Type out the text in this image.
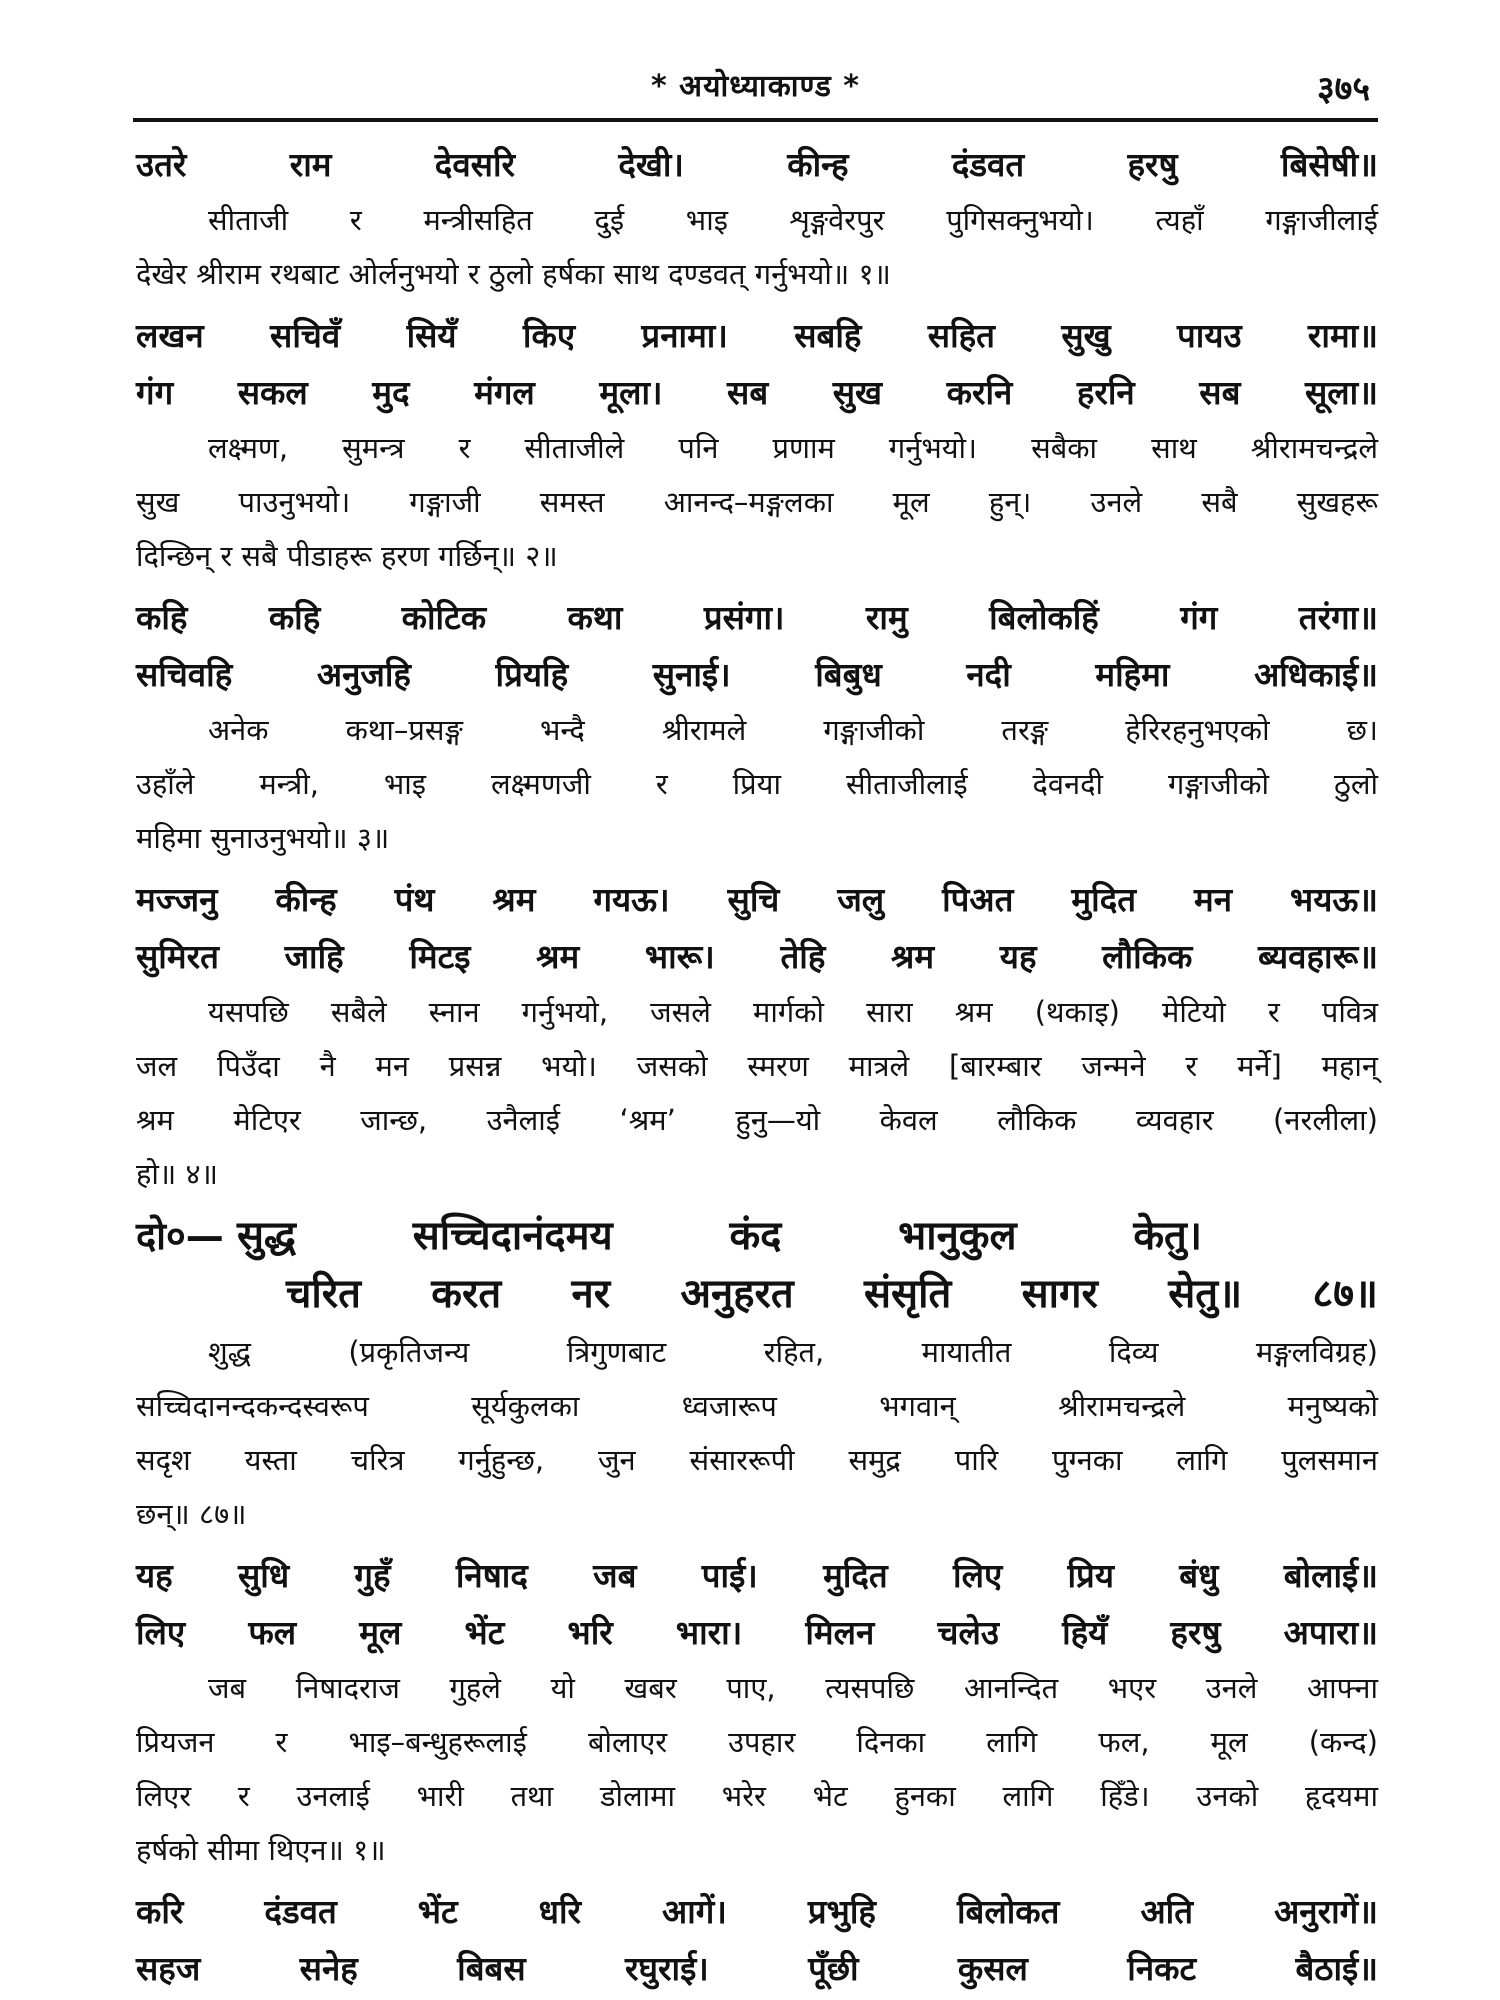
* अयोध्याकाण्ड *	३७५
उतरे राम देवसरि देखी। कीन्ह दंडवत हरषु बिसेषी॥
सीताजी र मन्त्रीसहित दुई भाइ शृङ्गवेरपुर पुगिसक्नुभयो। त्यहाँ गङ्गाजीलाई
देखेर श्रीराम रथबाट ओर्लनुभयो र ठुलो हर्षका साथ दण्डवत् गर्नुभयो॥ १॥
लखन सचिवँ सियँ किए प्रनामा। सबहि सहित सुखु पायउ रामा॥
गंग सकल मुद मंगल मूला। सब सुख करनि हरनि सब सूला॥
लक्ष्मण, सुमन्त्र र सीताजीले पनि प्रणाम गर्नुभयो। सबैका साथ श्रीरामचन्द्रले
सुख पाउनुभयो। गङ्गाजी समस्त आनन्द–मङ्गलका मूल हुन्। उनले सबै सुखहरू
दिन्छिन् र सबै पीडाहरू हरण गर्छिन्॥ २॥
कहि कहि कोटिक कथा प्रसंगा। रामु बिलोकहिं गंग तरंगा॥
सचिवहि अनुजहि प्रियहि सुनाई। बिबुध नदी महिमा अधिकाई॥
अनेक कथा–प्रसङ्ग भन्दै श्रीरामले गङ्गाजीको तरङ्ग हेरिरहनुभएको छ।
उहाँले मन्त्री, भाइ लक्ष्मणजी र प्रिया सीताजीलाई देवनदी गङ्गाजीको ठुलो
महिमा सुनाउनुभयो॥ ३॥
मज्जनु कीन्ह पंथ श्रम गयऊ। सुचि जलु पिअत मुदित मन भयऊ॥
सुमिरत जाहि मिटइ श्रम भारू। तेहि श्रम यह लौकिक ब्यवहारू॥
यसपछि सबैले स्नान गर्नुभयो, जसले मार्गको सारा श्रम (थकाइ) मेटियो र पवित्र
जल पिउँदा नै मन प्रसन्न भयो। जसको स्मरण मात्रले [बारम्बार जन्मने र मर्ने] महान्
श्रम मेटिएर जान्छ, उनैलाई ‘श्रम’ हुनु—यो केवल लौकिक व्यवहार (नरलीला)
हो॥ ४॥
दो०— सुद्ध सच्चिदानंदमय कंद भानुकुल केतु।
चरित करत नर अनुहरत संसृति सागर सेतु॥ ८७॥
शुद्ध (प्रकृतिजन्य त्रिगुणबाट रहित, मायातीत दिव्य मङ्गलविग्रह)
सच्चिदानन्दकन्दस्वरूप सूर्यकुलका ध्वजारूप भगवान् श्रीरामचन्द्रले मनुष्यको
सदृश यस्ता चरित्र गर्नुहुन्छ, जुन संसाररूपी समुद्र पारि पुग्नका लागि पुलसमान
छन्॥ ८७॥
यह सुधि गुहँ निषाद जब पाई। मुदित लिए प्रिय बंधु बोलाई॥
लिए फल मूल भेंट भरि भारा। मिलन चलेउ हियँ हरषु अपारा॥
जब निषादराज गुहले यो खबर पाए, त्यसपछि आनन्दित भएर उनले आफ्ना
प्रियजन र भाइ–बन्धुहरूलाई बोलाएर उपहार दिनका लागि फल, मूल (कन्द)
लिएर र उनलाई भारी तथा डोलामा भरेर भेट हुनका लागि हिँडे। उनको हृदयमा
हर्षको सीमा थिएन॥ १॥
करि दंडवत भेंट धरि आगें। प्रभुहि बिलोकत अति अनुरागें॥
सहज सनेह बिबस रघुराई। पूँछी कुसल निकट बैठाई॥
